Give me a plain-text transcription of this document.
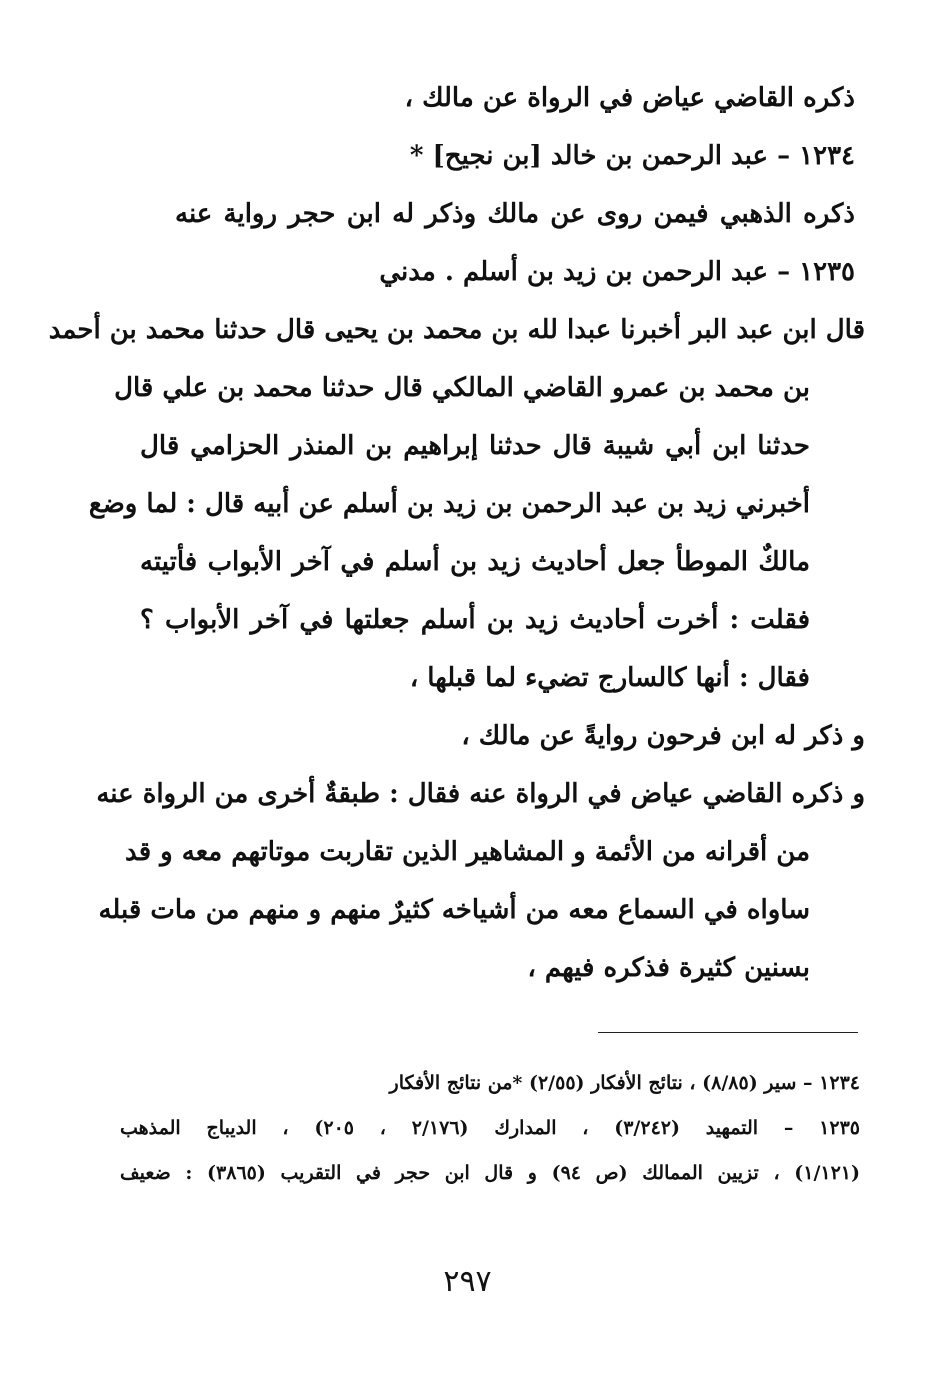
ذكره القاضي عياض في الرواة عن مالك ،
١٢٣٤ – عبد الرحمن بن خالد [بن نجيح] *
ذكره الذهبي فيمن روى عن مالك وذكر له ابن حجر رواية عنه
١٢٣٥ – عبد الرحمن بن زيد بن أسلم . مدني
قال ابن عبد البر أخبرنا عبدا لله بن محمد بن يحيى قال حدثنا محمد بن أحمد
بن محمد بن عمرو القاضي المالكي قال حدثنا محمد بن علي قال
حدثنا ابن أبي شيبة قال حدثنا إبراهيم بن المنذر الحزامي قال
أخبرني زيد بن عبد الرحمن بن زيد بن أسلم عن أبيه قال : لما وضع
مالكٌ الموطأ جعل أحاديث زيد بن أسلم في آخر الأبواب فأتيته
فقلت : أخرت أحاديث زيد بن أسلم جعلتها في آخر الأبواب ؟
فقال : أنها كالسارج تضيء لما قبلها ،
و ذكر له ابن فرحون روايةً عن مالك ،
و ذكره القاضي عياض في الرواة عنه فقال : طبقةٌ أخرى من الرواة عنه
من أقرانه من الأئمة و المشاهير الذين تقاربت موتاتهم معه و قد
ساواه في السماع معه من أشياخه كثيرٌ منهم و منهم من مات قبله
بسنين كثيرة فذكره فيهم ،
١٢٣٤ – سير (٨/٨٥) ، نتائج الأفكار (٢/٥٥) *من نتائج الأفكار
١٢٣٥ – التمهيد (٣/٢٤٢) ، المدارك (٢/١٧٦ ، ٢٠٥) ، الديباج المذهب
(١/١٢١) ، تزيين الممالك (ص ٩٤) و قال ابن حجر في التقريب (٣٨٦٥) : ضعيف
٢٩٧
